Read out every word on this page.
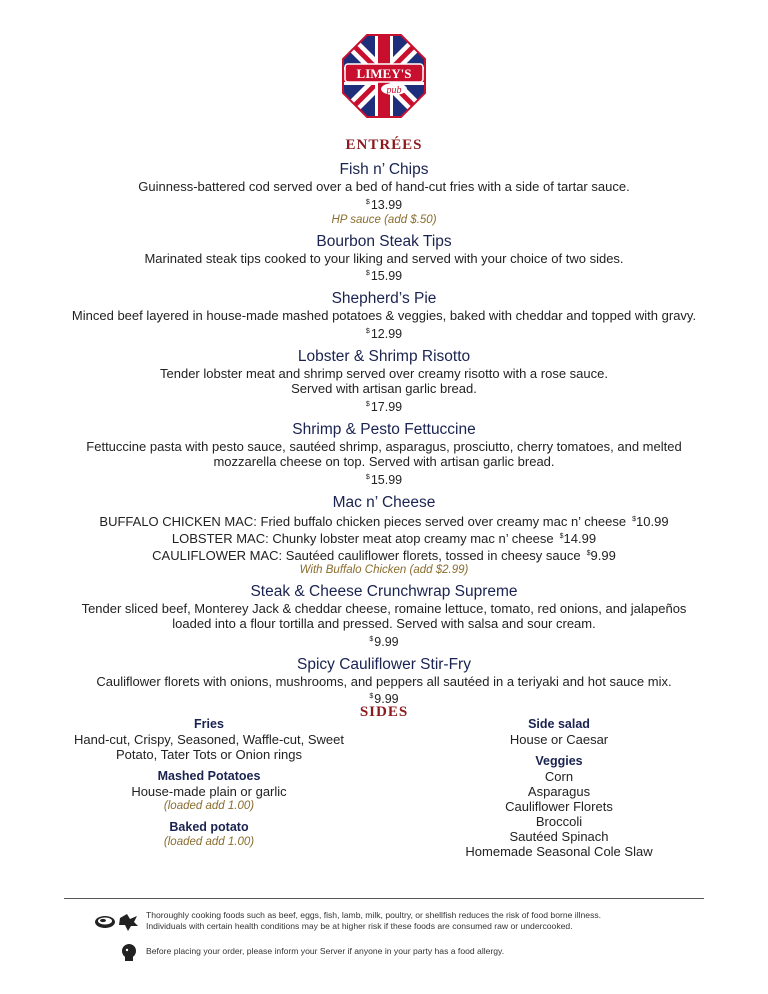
LIMEY'S
pub
ENTRÉES
Fish n’ Chips
Guinness-battered cod served over a bed of hand-cut fries with a side of tartar sauce.
$13.99
HP sauce (add $.50)
Bourbon Steak Tips
Marinated steak tips cooked to your liking and served with your choice of two sides.
$15.99
Shepherd’s Pie
Minced beef layered in house-made mashed potatoes & veggies, baked with cheddar and topped with gravy.
$12.99
Lobster & Shrimp Risotto
Tender lobster meat and shrimp served over creamy risotto with a rose sauce.
Served with artisan garlic bread.
$17.99
Shrimp & Pesto Fettuccine
Fettuccine pasta with pesto sauce, sautéed shrimp, asparagus, prosciutto, cherry tomatoes, and melted
mozzarella cheese on top. Served with artisan garlic bread.
$15.99
Mac n’ Cheese
BUFFALO CHICKEN MAC: Fried buffalo chicken pieces served over creamy mac n’ cheese $10.99
LOBSTER MAC: Chunky lobster meat atop creamy mac n’ cheese $14.99
CAULIFLOWER MAC: Sautéed cauliflower florets, tossed in cheesy sauce $9.99
With Buffalo Chicken (add $2.99)
Steak & Cheese Crunchwrap Supreme
Tender sliced beef, Monterey Jack & cheddar cheese, romaine lettuce, tomato, red onions, and jalapeños
loaded into a flour tortilla and pressed. Served with salsa and sour cream.
$9.99
Spicy Cauliflower Stir-Fry
Cauliflower florets with onions, mushrooms, and peppers all sautéed in a teriyaki and hot sauce mix.
$9.99
SIDES
Fries
Hand-cut, Crispy, Seasoned, Waffle-cut, Sweet
Potato, Tater Tots or Onion rings
Mashed Potatoes
House-made plain or garlic
(loaded add 1.00)
Baked potato
(loaded add 1.00)
Side salad
House or Caesar
Veggies
Corn
Asparagus
Cauliflower Florets
Broccoli
Sautéed Spinach
Homemade Seasonal Cole Slaw
Thoroughly cooking foods such as beef, eggs, fish, lamb, milk, poultry, or shellfish reduces the risk of food borne illness.
Individuals with certain health conditions may be at higher risk if these foods are consumed raw or undercooked.
Before placing your order, please inform your Server if anyone in your party has a food allergy.
